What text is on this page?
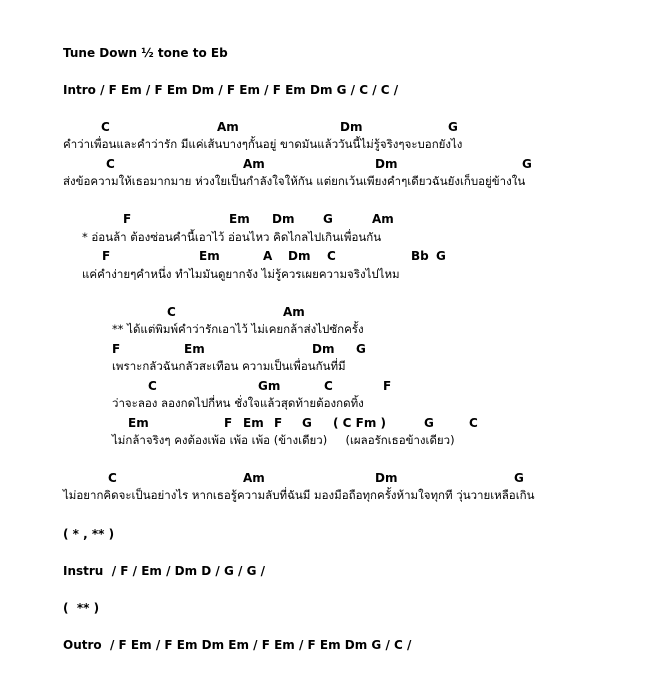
Tune Down ½ tone to Eb
Intro / F Em / F Em Dm / F Em / F Em Dm G / C / C /

C

	Am

	Dm

	G

คำว่าเพื่อนและคำว่ารัก มีแค่เส้นบางๆกั้นอยู่ ขาดมันแล้ววันนี้ไม่รู้จริงๆจะบอกยังไง

C

	Am

	Dm

	G

ส่งข้อความให้เธอมากมาย ห่วงใยเป็นกำลังใจให้กัน แต่ยกเว้นเพียงคำๆเดียวฉันยังเก็บอยู่ข้างใน

F

	Em

Dm

G

	Am

* อ่อนล้า ต้องซ่อนคำนี้เอาไว้ อ่อนไหว คิดไกลไปเกินเพื่อนกัน

F

	Em

	A

Dm

C

	Bb

G

แค่คำง่ายๆคำหนึ่ง ทำไมมันดูยากจัง ไม่รู้ควรเผยความจริงไปไหม

C

	Am

** ได้แต่พิมพ์คำว่ารักเอาไว้ ไม่เคยกล้าส่งไปซักครั้ง

F

	Em

	Dm

G

เพราะกลัวฉันกลัวสะเทือน ความเป็นเพื่อนกันที่มี

C

	Gm

	C

	F

ว่าจะลอง ลองกดไปกี่หน ชั่งใจแล้วสุดท้ายต้องกดทิ้ง

Em

	F

Em

F

G

( C Fm )

	G

	C

ไม่กล้าจริงๆ คงต้องเพ้อ เพ้อ เพ้อ (ข้างเดียว)     (เผลอรักเธอข้างเดียว)

C

	Am

	Dm

	G

ไม่อยากคิดจะเป็นอย่างไร หากเธอรู้ความลับที่ฉันมี มองมือถือทุกครั้งห้ามใจทุกที วุ่นวายเหลือเกิน
( * , ** )
Instru  / F / Em / Dm D / G / G /
(  ** )
Outro  / F Em / F Em Dm Em / F Em / F Em Dm G / C /
